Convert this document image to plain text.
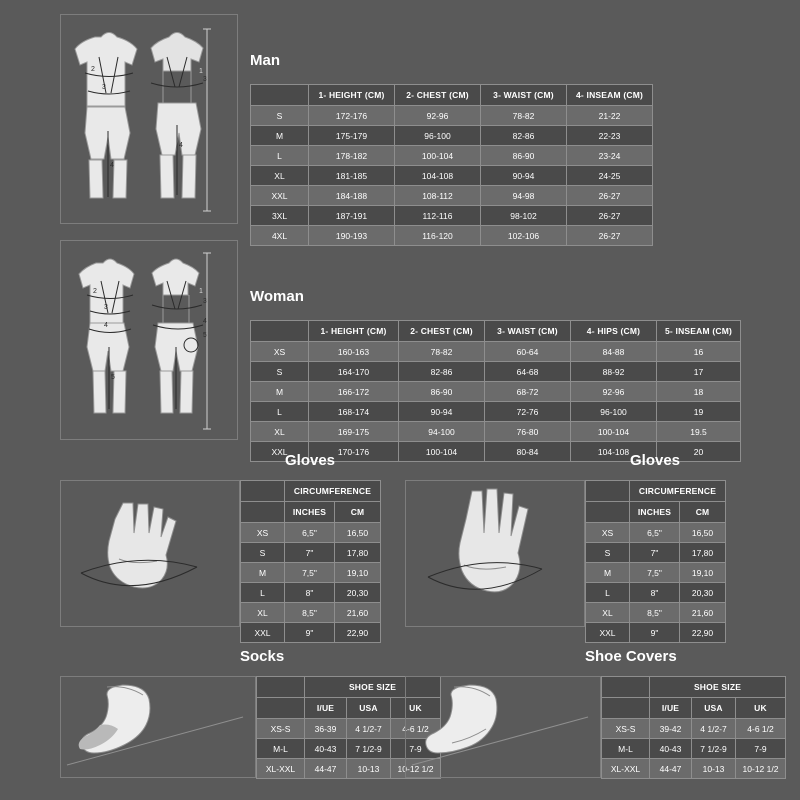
2
3
4
1
3
4
Man
	1- HEIGHT (CM)	2- CHEST (CM)	3- WAIST (CM)	4- INSEAM (CM)
S	172-176	92-96	78-82	21-22
M	175-179	96-100	82-86	22-23
L	178-182	100-104	86-90	23-24
XL	181-185	104-108	90-94	24-25
XXL	184-188	108-112	94-98	26-27
3XL	187-191	112-116	98-102	26-27
4XL	190-193	116-120	102-106	26-27
2
3
4
5
1
3
4
5
Woman
	1- HEIGHT (CM)	2- CHEST (CM)	3- WAIST (CM)	4- HIPS (CM)	5- INSEAM (CM)
XS	160-163	78-82	60-64	84-88	16
S	164-170	82-86	64-68	88-92	17
M	166-172	86-90	68-72	92-96	18
L	168-174	90-94	72-76	96-100	19
XL	169-175	94-100	76-80	100-104	19.5
XXL	170-176	100-104	80-84	104-108	20
Gloves
	CIRCUMFERENCE	
	INCHES	CM
XS	6,5"	16,50
S	7"	17,80
M	7,5"	19,10
L	8"	20,30
XL	8,5"	21,60
XXL	9"	22,90
Gloves
	CIRCUMFERENCE	
	INCHES	CM
XS	6,5"	16,50
S	7"	17,80
M	7,5"	19,10
L	8"	20,30
XL	8,5"	21,60
XXL	9"	22,90
Socks
	SHOE SIZE		
	I/UE	USA	UK
XS-S	36-39	4 1/2-7	4-6 1/2
M-L	40-43	7 1/2-9	7-9
XL-XXL	44-47	10-13	10-12 1/2
Shoe Covers
	SHOE SIZE		
	I/UE	USA	UK
XS-S	39-42	4 1/2-7	4-6 1/2
M-L	40-43	7 1/2-9	7-9
XL-XXL	44-47	10-13	10-12 1/2
